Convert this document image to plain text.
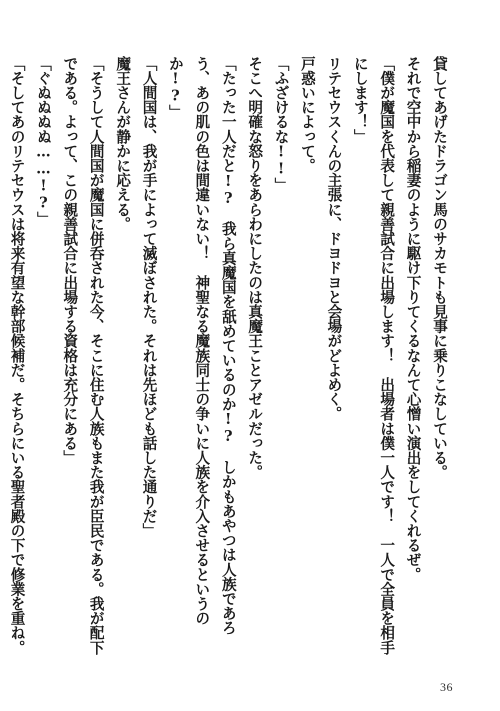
貸してあげたドラゴン馬のサカモトも見事に乗りこなしている。

それで空中から稲妻のように駆け下りてくるなんて心憎い演出をしてくれるぜ。

「僕が魔国を代表して親善試合に出場します！　出場者は僕一人です！　一人で全員を相手にします！」

リテセウスくんの主張に、ドヨドヨと会場がどよめく。

戸惑いによって。

「ふざけるな!!」

そこへ明確な怒りをあらわにしたのは真魔王ことアゼルだった。

「たった一人だと!?　我ら真魔国を舐めているのか!?　しかもあやつは人族であろう、あの肌の色は間違いない！　神聖なる魔族同士の争いに人族を介入させるというのか!?」

「人間国は、我が手によって滅ぼされた。それは先ほども話した通りだ」

魔王さんが静かに応える。

「そうして人間国が魔国に併呑された今、そこに住む人族もまた我が臣民である。我が配下である。よって、この親善試合に出場する資格は充分にある」

「ぐぬぬぬぬ……!?」

「そしてあのリテセウスは将来有望な幹部候補だ。そちらにいる聖者殿の下で修業を重ね。

36
